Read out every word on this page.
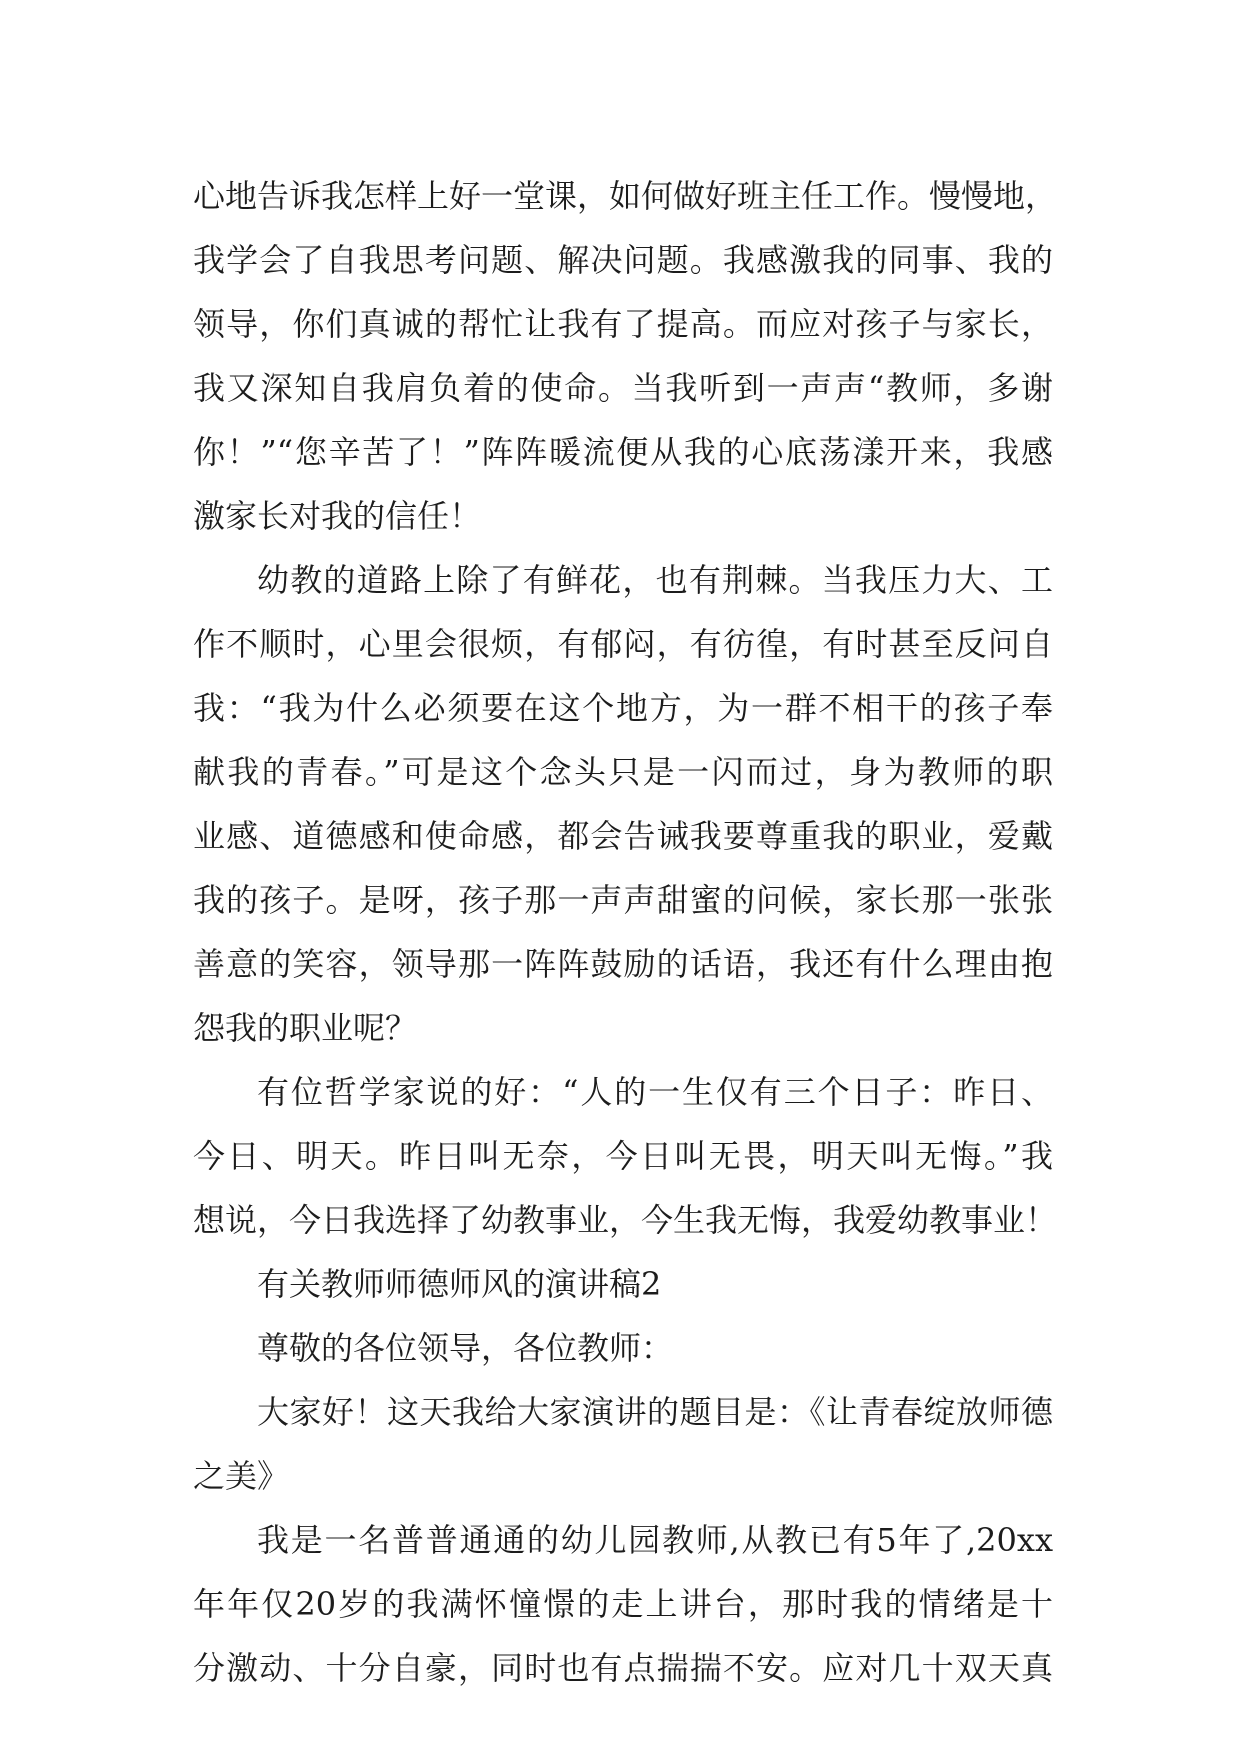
心地告诉我怎样上好一堂课，如何做好班主任工作。慢慢地，
我学会了自我思考问题、解决问题。我感激我的同事、我的
领导，你们真诚的帮忙让我有了提高。而应对孩子与家长，
我又深知自我肩负着的使命。当我听到一声声“教师，多谢
你！”“您辛苦了！”阵阵暖流便从我的心底荡漾开来，我感
激家长对我的信任！
幼教的道路上除了有鲜花，也有荆棘。当我压力大、工
作不顺时，心里会很烦，有郁闷，有彷徨，有时甚至反问自
我：“我为什么必须要在这个地方，为一群不相干的孩子奉
献我的青春。”可是这个念头只是一闪而过，身为教师的职
业感、道德感和使命感，都会告诫我要尊重我的职业，爱戴
我的孩子。是呀，孩子那一声声甜蜜的问候，家长那一张张
善意的笑容，领导那一阵阵鼓励的话语，我还有什么理由抱
怨我的职业呢？
有位哲学家说的好：“人的一生仅有三个日子：昨日、
今日、明天。昨日叫无奈，今日叫无畏，明天叫无悔。”我
想说，今日我选择了幼教事业，今生我无悔，我爱幼教事业！
有关教师师德师风的演讲稿2
尊敬的各位领导，各位教师：
大家好！这天我给大家演讲的题目是：《让青春绽放师德
之美》
我是一名普普通通的幼儿园教师,从教已有5年了,20xx
年年仅20岁的我满怀憧憬的走上讲台，那时我的情绪是十
分激动、十分自豪，同时也有点揣揣不安。应对几十双天真
